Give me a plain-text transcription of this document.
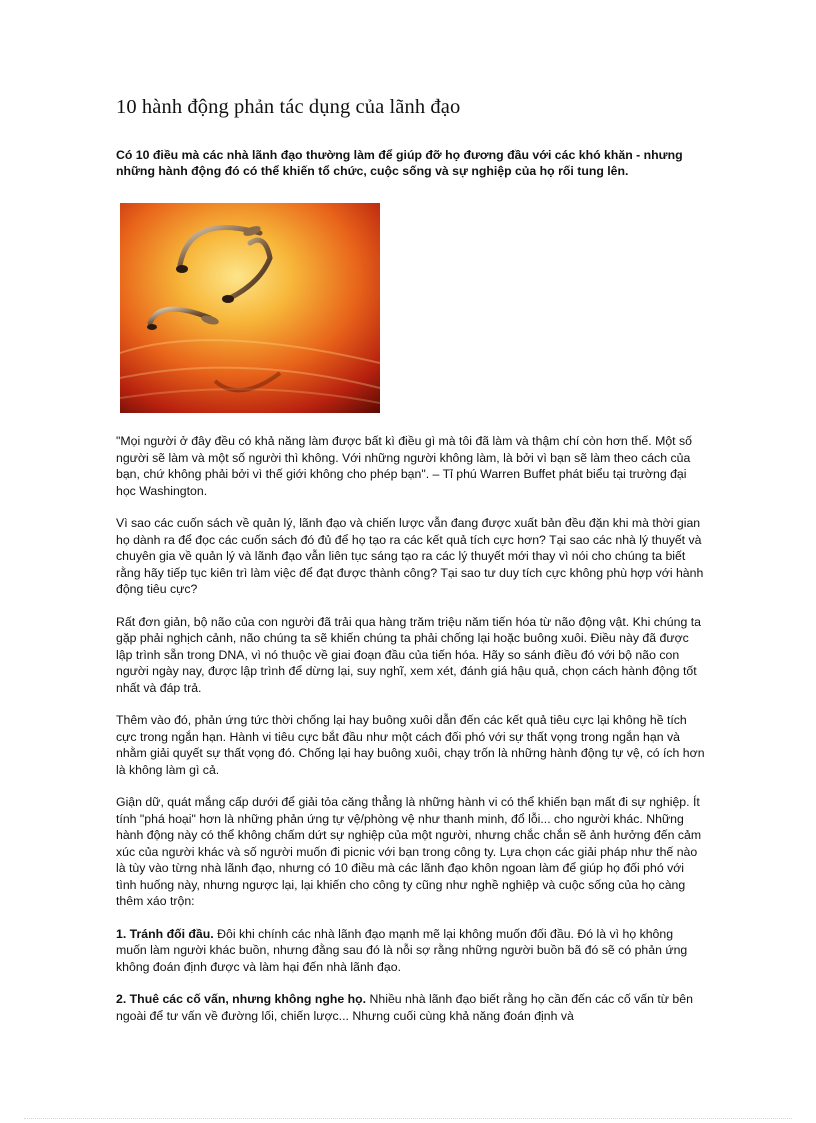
10 hành động phản tác dụng của lãnh đạo

Có 10 điều mà các nhà lãnh đạo thường làm để giúp đỡ họ đương đầu với các khó khăn - nhưng những hành động đó có thể khiến tổ chức, cuộc sống và sự nghiệp của họ rối tung lên.

"Mọi người ở đây đều có khả năng làm được bất kì điều gì mà tôi đã làm và thậm chí còn hơn thế. Một số người sẽ làm và một số người thì không. Với những người không làm, là bởi vì bạn sẽ làm theo cách của bạn, chứ không phải bởi vì thế giới không cho phép bạn". – Tỉ phú Warren Buffet phát biểu tại trường đại học Washington.

Vì sao các cuốn sách về quản lý, lãnh đạo và chiến lược vẫn đang được xuất bản đều đặn khi mà thời gian họ dành ra để đọc các cuốn sách đó đủ để họ tạo ra các kết quả tích cực hơn? Tại sao các nhà lý thuyết và chuyên gia về quản lý và lãnh đạo vẫn liên tục sáng tạo ra các lý thuyết mới thay vì nói cho chúng ta biết rằng hãy tiếp tục kiên trì làm việc để đạt được thành công? Tại sao tư duy tích cực không phù hợp với hành động tiêu cực?

Rất đơn giản, bộ não của con người đã trải qua hàng trăm triệu năm tiến hóa từ não động vật. Khi chúng ta gặp phải nghịch cảnh, não chúng ta sẽ khiến chúng ta phải chống lại hoặc buông xuôi. Điều này đã được lập trình sẵn trong DNA, vì nó thuộc về giai đoạn đầu của tiến hóa. Hãy so sánh điều đó với bộ não con người ngày nay, được lập trình để dừng lại, suy nghĩ, xem xét, đánh giá hậu quả, chọn cách hành động tốt nhất và đáp trả.

Thêm vào đó, phản ứng tức thời chống lại hay buông xuôi dẫn đến các kết quả tiêu cực lại không hề tích cực trong ngắn hạn. Hành vi tiêu cực bắt đầu như một cách đối phó với sự thất vọng trong ngắn hạn và nhằm giải quyết sự thất vọng đó. Chống lại hay buông xuôi, chạy trốn là những hành động tự vệ, có ích hơn là không làm gì cả.

Giận dữ, quát mắng cấp dưới để giải tỏa căng thẳng là những hành vi có thể khiến bạn mất đi sự nghiệp. Ít tính "phá hoại" hơn là những phản ứng tự vệ/phòng vệ như thanh minh, đổ lỗi... cho người khác. Những hành động này có thể không chấm dứt sự nghiệp của một người, nhưng chắc chắn sẽ ảnh hưởng đến cảm xúc của người khác và số người muốn đi picnic với bạn trong công ty. Lựa chọn các giải pháp như thế nào là tùy vào từng nhà lãnh đạo, nhưng có 10 điều mà các lãnh đạo khôn ngoan làm để giúp họ đối phó với tình huống này, nhưng ngược lại, lại khiến cho công ty cũng như nghề nghiệp và cuộc sống của họ càng thêm xáo trộn:

1. Tránh đối đầu. Đôi khi chính các nhà lãnh đạo mạnh mẽ lại không muốn đối đầu. Đó là vì họ không muốn làm người khác buồn, nhưng đằng sau đó là nỗi sợ rằng những người buồn bã đó sẽ có phản ứng không đoán định được và làm hại đến nhà lãnh đạo.

2. Thuê các cố vấn, nhưng không nghe họ. Nhiều nhà lãnh đạo biết rằng họ cần đến các cố vấn từ bên ngoài để tư vấn về đường lối, chiến lược... Nhưng cuối cùng khả năng đoán định và
